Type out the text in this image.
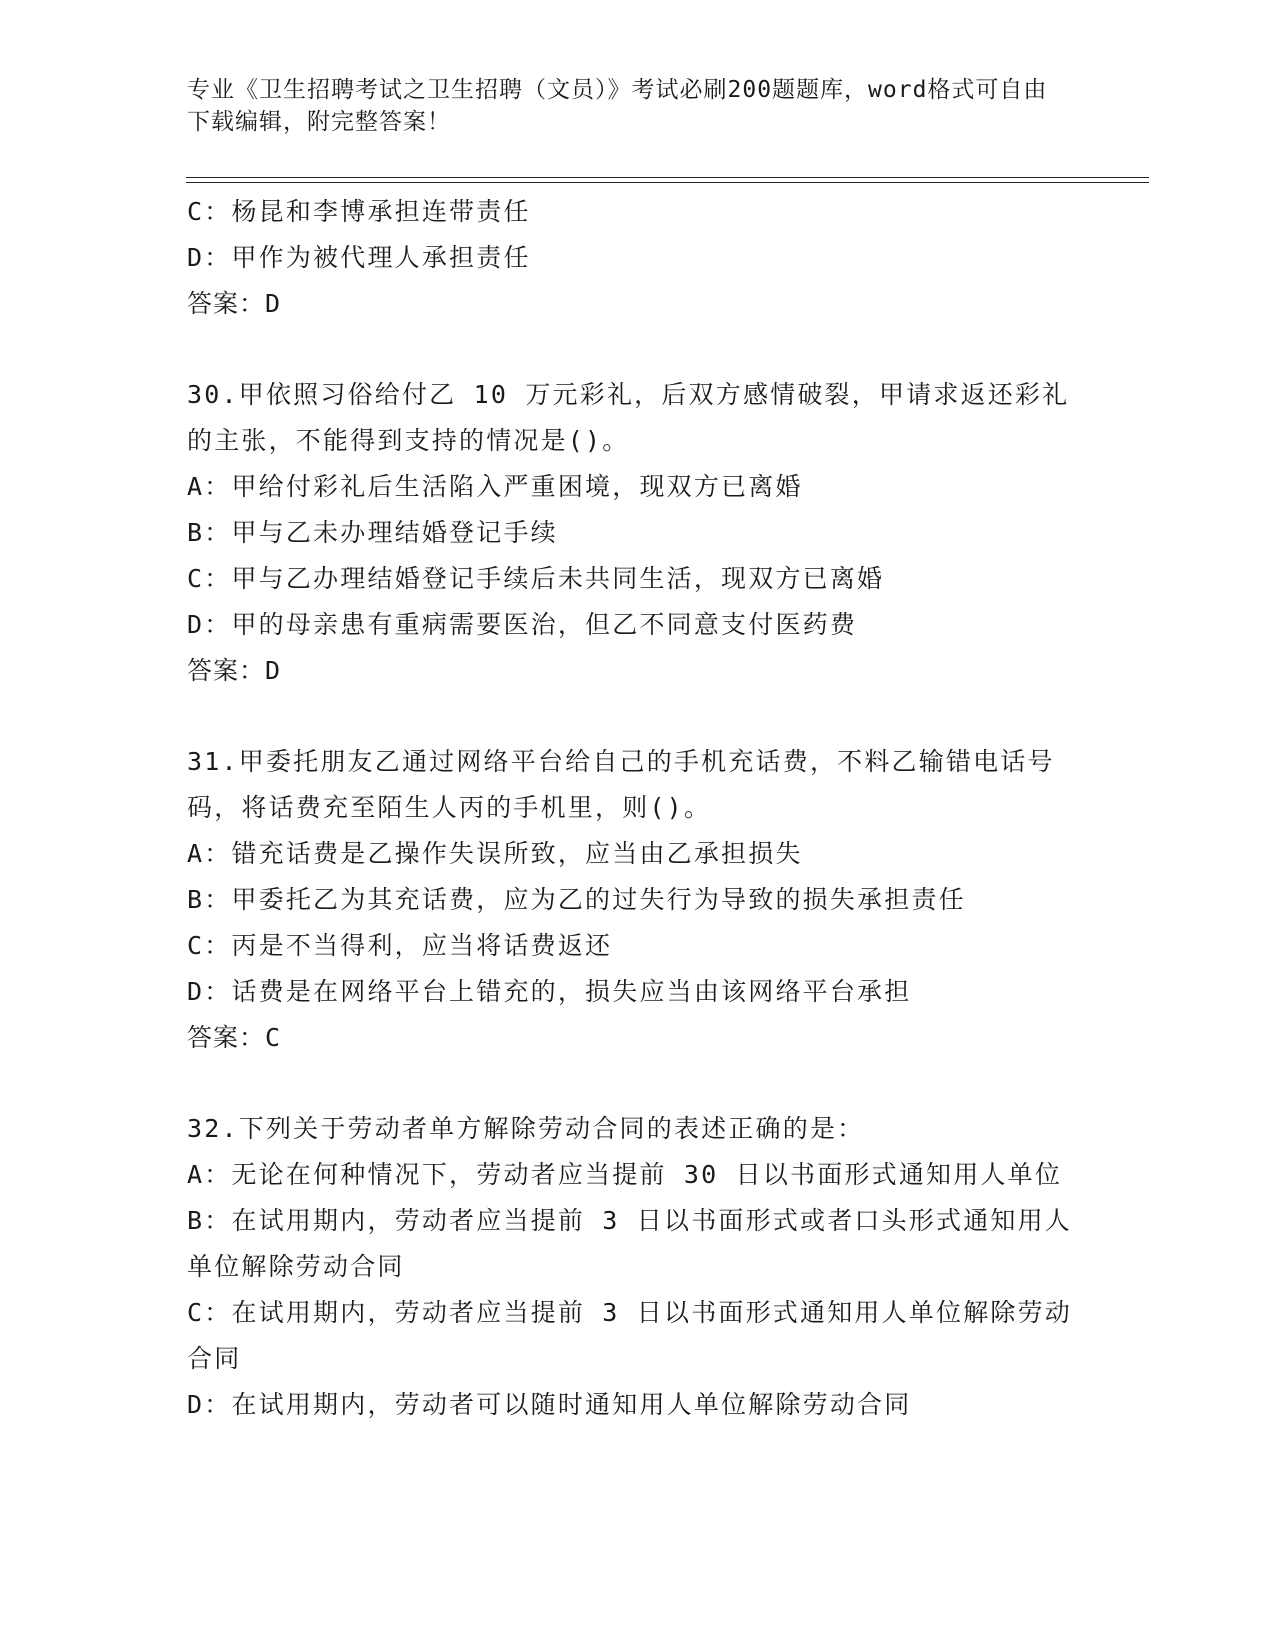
专业《卫生招聘考试之卫生招聘（文员）》考试必刷200题题库，word格式可自由下载编辑，附完整答案！

C：杨昆和李博承担连带责任

D：甲作为被代理人承担责任

答案：D

30.甲依照习俗给付乙 10 万元彩礼，后双方感情破裂，甲请求返还彩礼的主张，不能得到支持的情况是()。

A：甲给付彩礼后生活陷入严重困境，现双方已离婚

B：甲与乙未办理结婚登记手续

C：甲与乙办理结婚登记手续后未共同生活，现双方已离婚

D：甲的母亲患有重病需要医治，但乙不同意支付医药费

答案：D

31.甲委托朋友乙通过网络平台给自己的手机充话费，不料乙输错电话号码，将话费充至陌生人丙的手机里，则()。

A：错充话费是乙操作失误所致，应当由乙承担损失

B：甲委托乙为其充话费，应为乙的过失行为导致的损失承担责任

C：丙是不当得利，应当将话费返还

D：话费是在网络平台上错充的，损失应当由该网络平台承担

答案：C

32.下列关于劳动者单方解除劳动合同的表述正确的是：

A：无论在何种情况下，劳动者应当提前 30 日以书面形式通知用人单位

B：在试用期内，劳动者应当提前 3 日以书面形式或者口头形式通知用人单位解除劳动合同

C：在试用期内，劳动者应当提前 3 日以书面形式通知用人单位解除劳动合同

D：在试用期内，劳动者可以随时通知用人单位解除劳动合同
